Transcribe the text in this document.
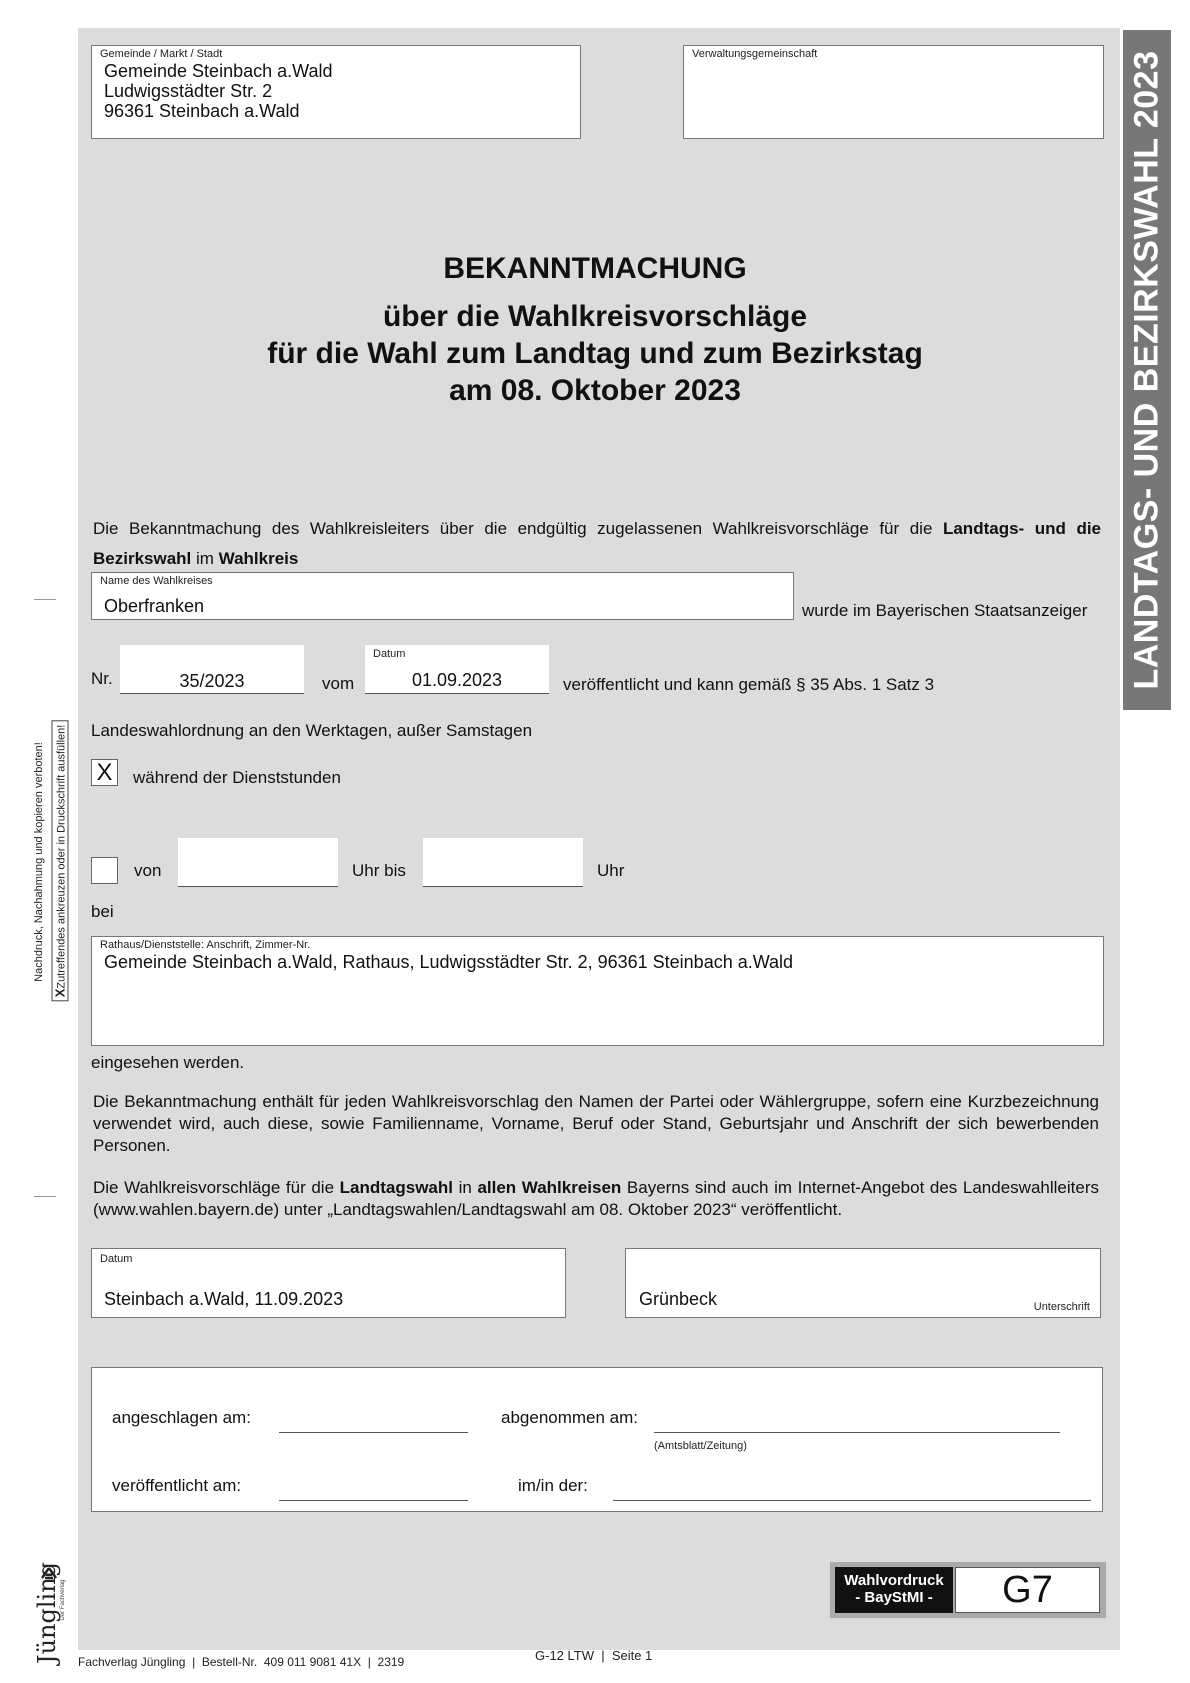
LANDTAGS- UND BEZIRKSWAHL 2023
Gemeinde / Markt / Stadt
Gemeinde Steinbach a.Wald
Ludwigsstädter Str. 2
96361 Steinbach a.Wald
Verwaltungsgemeinschaft
BEKANNTMACHUNG
über die Wahlkreisvorschläge
für die Wahl zum Landtag und zum Bezirkstag
am 08. Oktober 2023
Die Bekanntmachung des Wahlkreisleiters über die endgültig zugelassenen Wahlkreisvorschläge für die Landtags- und die Bezirkswahl im Wahlkreis
Name des Wahlkreises
Oberfranken	wurde im Bayerischen Staatsanzeiger
Nr.	35/2023	vom
Datum
01.09.2023	veröffentlicht und kann gemäß § 35 Abs. 1 Satz 3
Landeswahlordnung an den Werktagen, außer Samstagen
X	während der Dienststunden
von	Uhr bis	Uhr
bei
Rathaus/Dienststelle: Anschrift, Zimmer-Nr.
Gemeinde Steinbach a.Wald, Rathaus, Ludwigsstädter Str. 2, 96361 Steinbach a.Wald
eingesehen werden.
Die Bekanntmachung enthält für jeden Wahlkreisvorschlag den Namen der Partei oder Wählergruppe, sofern eine Kurzbezeichnung verwendet wird, auch diese, sowie Familienname, Vorname, Beruf oder Stand, Geburtsjahr und Anschrift der sich bewerbenden Personen.
Die Wahlkreisvorschläge für die Landtagswahl in allen Wahlkreisen Bayerns sind auch im Internet-Angebot des Landeswahlleiters (www.wahlen.bayern.de) unter „Landtagswahlen/Landtagswahl am 08. Oktober 2023“ veröffentlicht.
Datum
Steinbach a.Wald, 11.09.2023	Grünbeck	Unterschrift
angeschlagen am:	abgenommen am:
(Amtsblatt/Zeitung)
veröffentlicht am:	im/in der:
Nachdruck, Nachahmung und kopieren verboten!
XZutreffendes ankreuzen oder in Druckschrift ausfüllen!
Wahlvordruck
- BayStMI -	G7
Jüngling Der Fachverlag
Fachverlag Jüngling  |  Bestell-Nr.  409 011 9081 41X  |  2319	G-12 LTW  |  Seite 1
